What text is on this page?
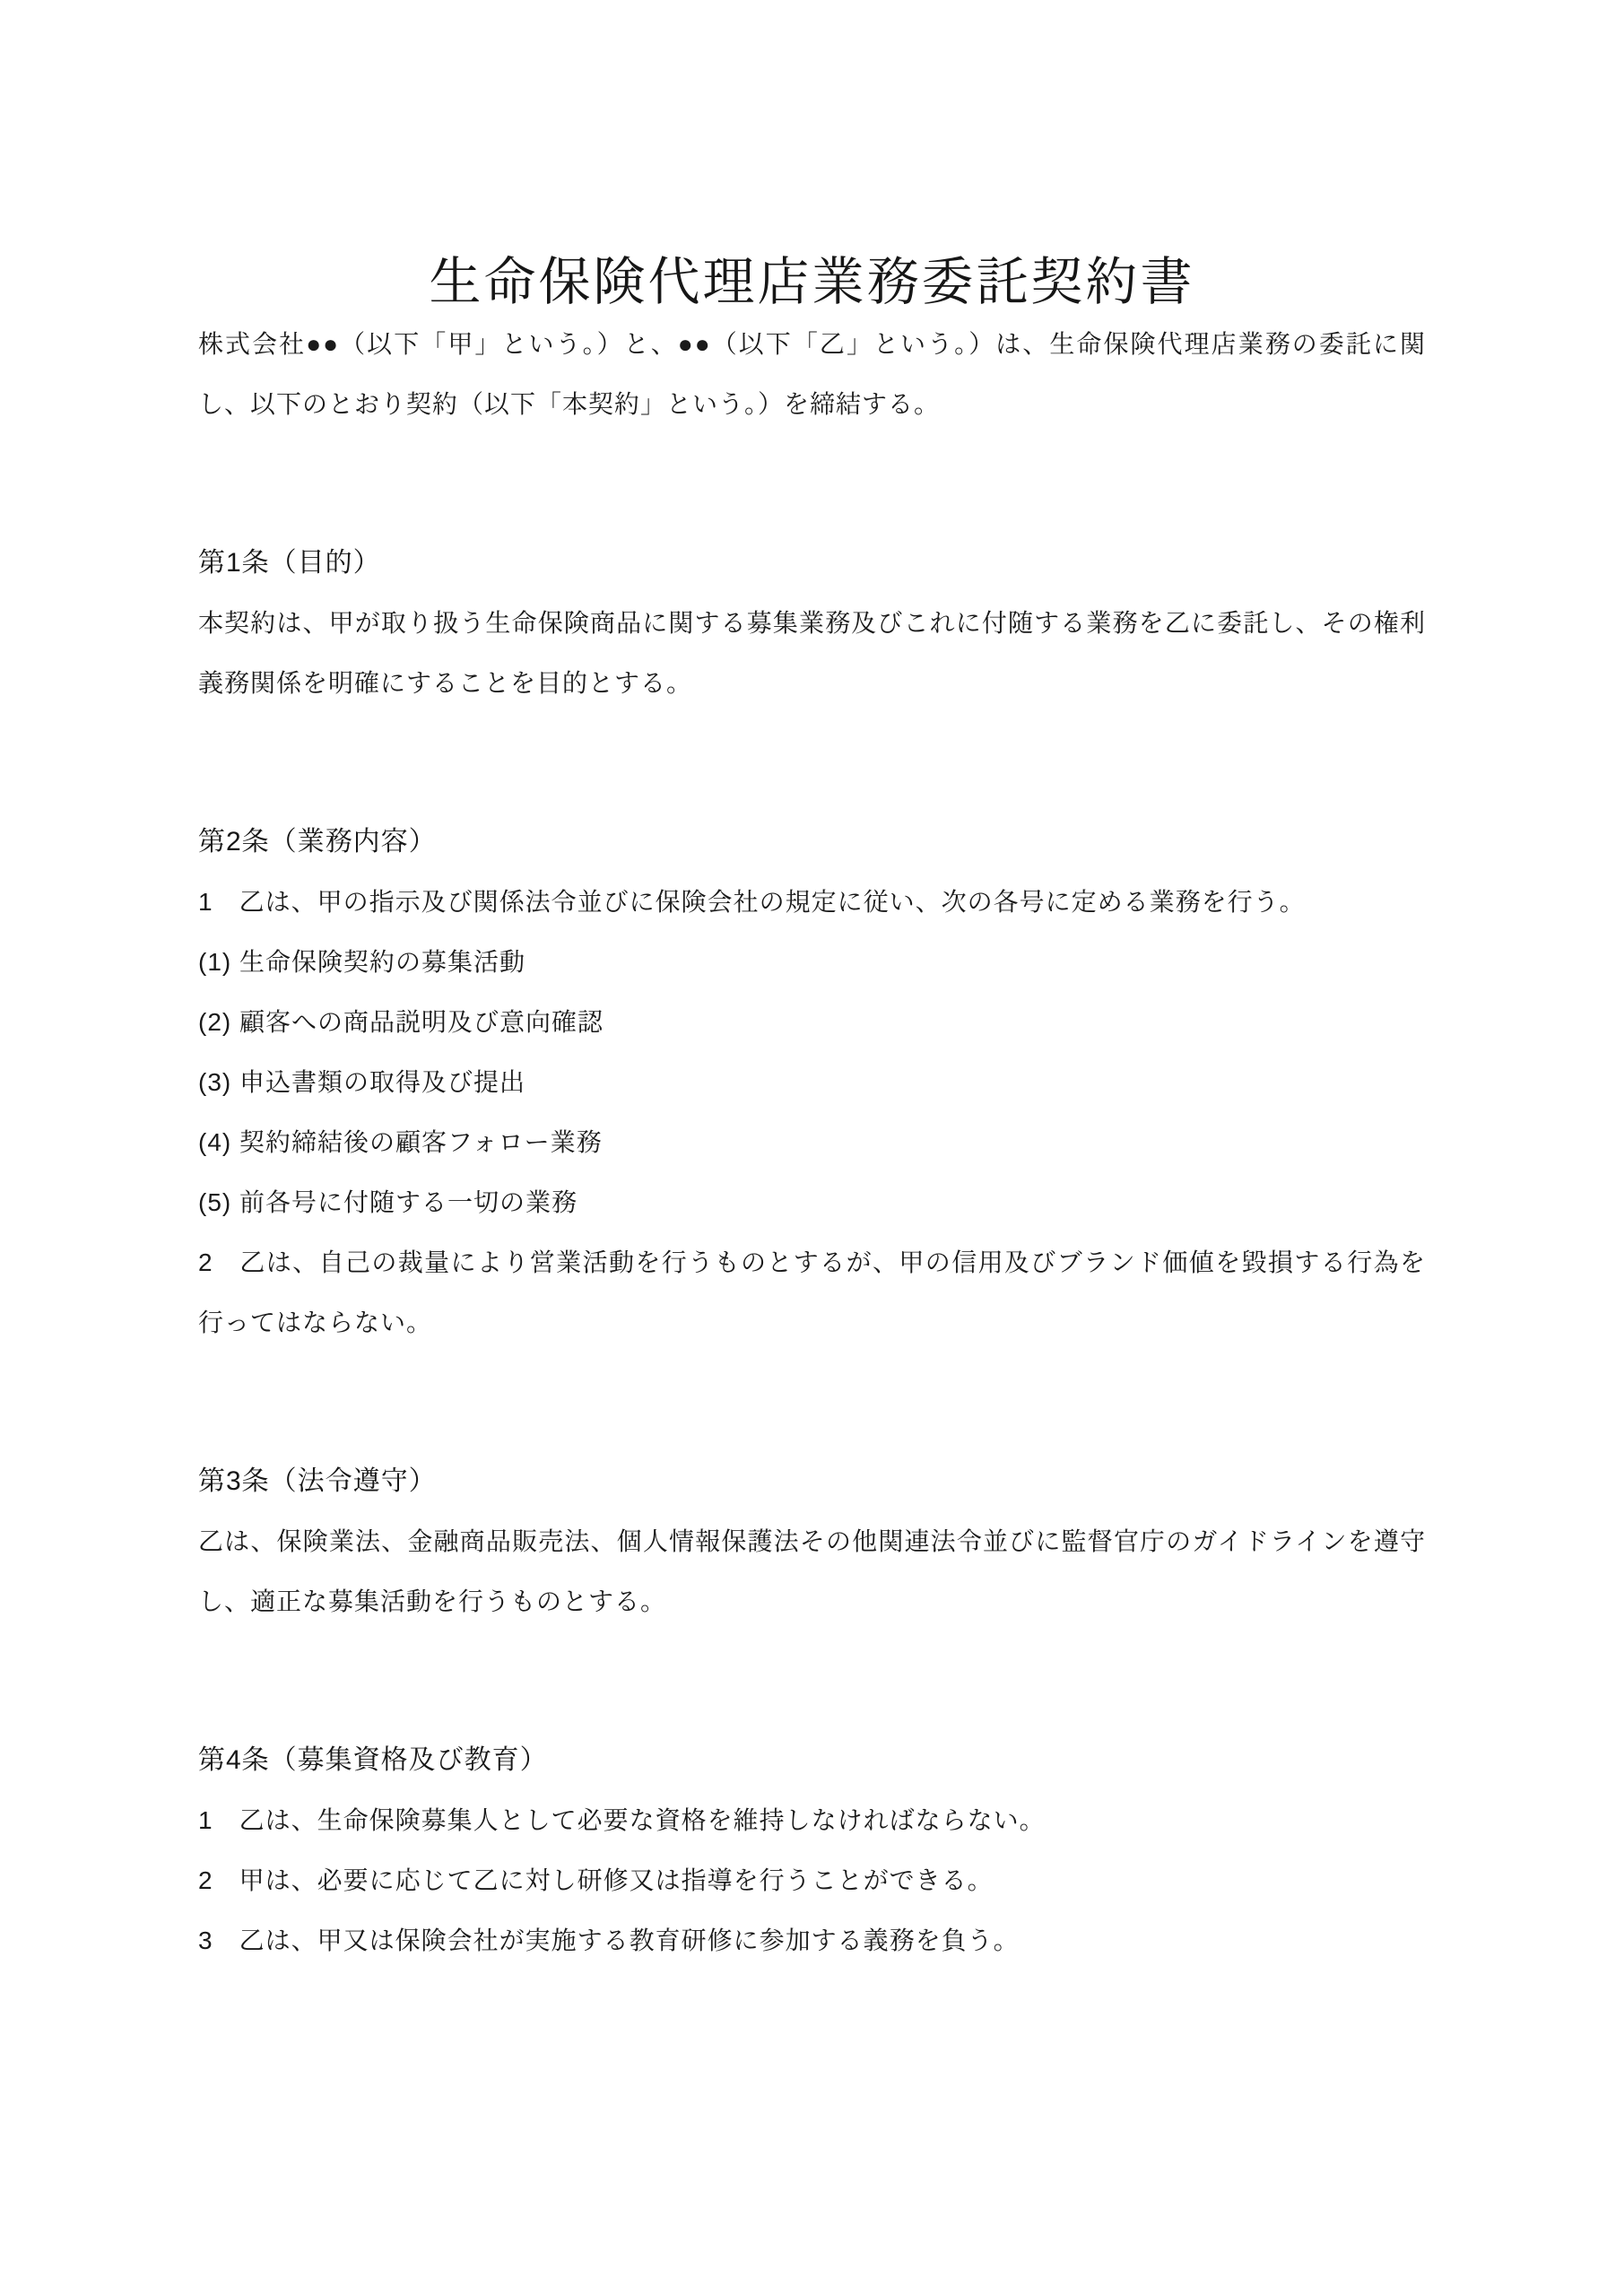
生命保険代理店業務委託契約書

株式会社●●（以下「甲」という。）と、●●（以下「乙」という。）は、生命保険代理店業務の委託に関し、以下のとおり契約（以下「本契約」という。）を締結する。

第1条（目的）

本契約は、甲が取り扱う生命保険商品に関する募集業務及びこれに付随する業務を乙に委託し、その権利義務関係を明確にすることを目的とする。

第2条（業務内容）

1　乙は、甲の指示及び関係法令並びに保険会社の規定に従い、次の各号に定める業務を行う。

(1) 生命保険契約の募集活動

(2) 顧客への商品説明及び意向確認

(3) 申込書類の取得及び提出

(4) 契約締結後の顧客フォロー業務

(5) 前各号に付随する一切の業務

2　乙は、自己の裁量により営業活動を行うものとするが、甲の信用及びブランド価値を毀損する行為を行ってはならない。

第3条（法令遵守）

乙は、保険業法、金融商品販売法、個人情報保護法その他関連法令並びに監督官庁のガイドラインを遵守し、適正な募集活動を行うものとする。

第4条（募集資格及び教育）

1　乙は、生命保険募集人として必要な資格を維持しなければならない。

2　甲は、必要に応じて乙に対し研修又は指導を行うことができる。

3　乙は、甲又は保険会社が実施する教育研修に参加する義務を負う。
